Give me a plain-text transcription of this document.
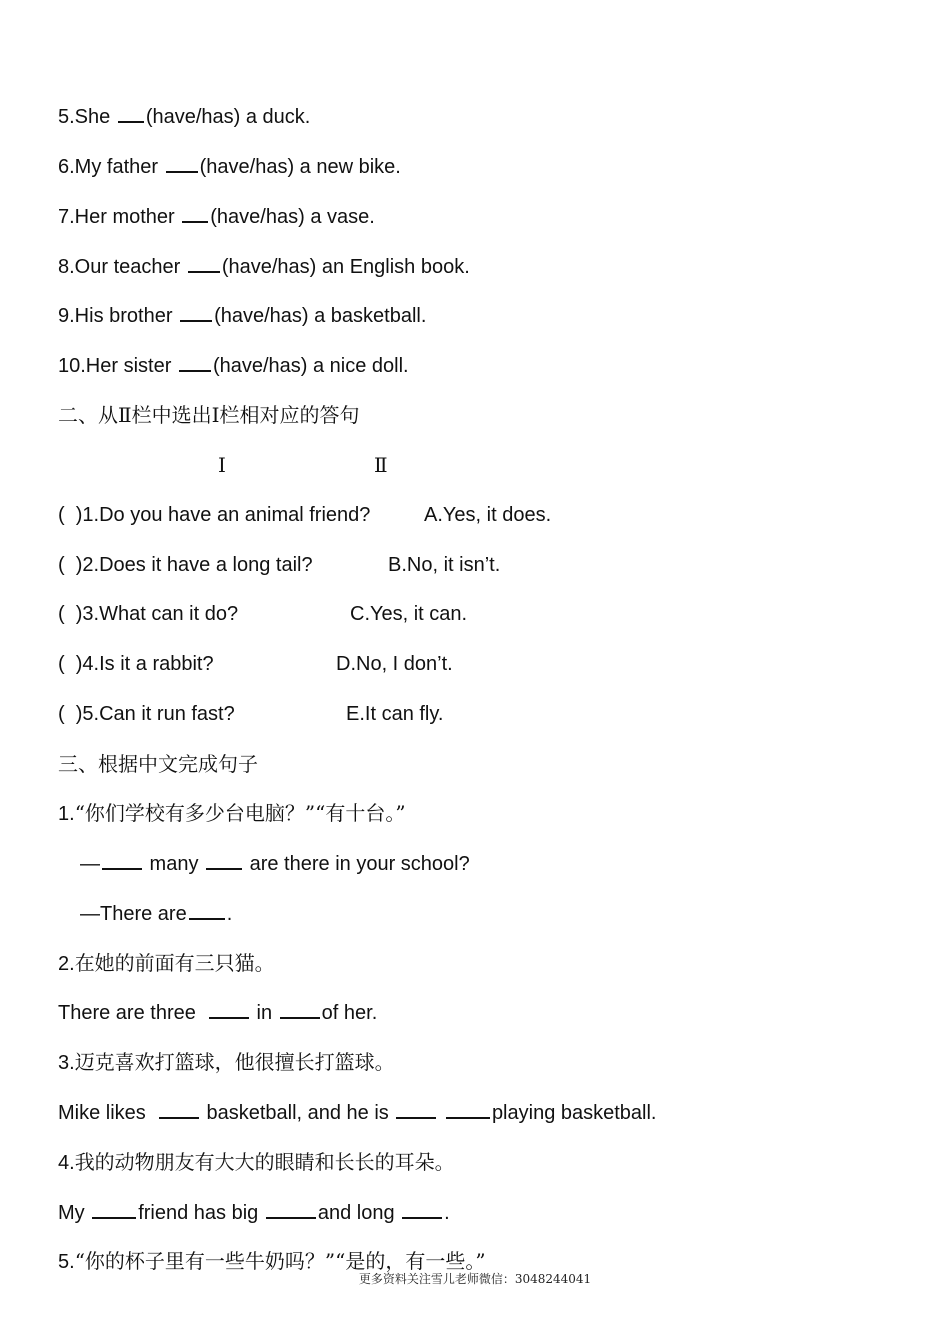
5.She (have/has) a duck.
6.My father (have/has) a new bike.
7.Her mother (have/has) a vase.
8.Our teacher (have/has) an English book.
9.His brother (have/has) a basketball.
10.Her sister (have/has) a nice doll.
二、从Ⅱ栏中选出Ⅰ栏相对应的答句
Ⅰ	Ⅱ
(  )1.Do you have an animal friend?	A.Yes, it does.
(  )2.Does it have a long tail?	B.No, it isn’t.
(  )3.What can it do?	C.Yes, it can.
(  )4.Is it a rabbit?	D.No, I don’t.
(  )5.Can it run fast?	E.It can fly.
三、根据中文完成句子
1.“你们学校有多少台电脑？”“有十台。”
— many  are there in your school?
—There are .
2.在她的前面有三只猫。
There are three   in of her.
3.迈克喜欢打篮球，他很擅长打篮球。
Mike likes   basketball, and he is	playing basketball.
4.我的动物朋友有大大的眼睛和长长的耳朵。
My friend has big	and long .
5.“你的杯子里有一些牛奶吗？”“是的，有一些。”
更多资料关注雪儿老师微信：3048244041
